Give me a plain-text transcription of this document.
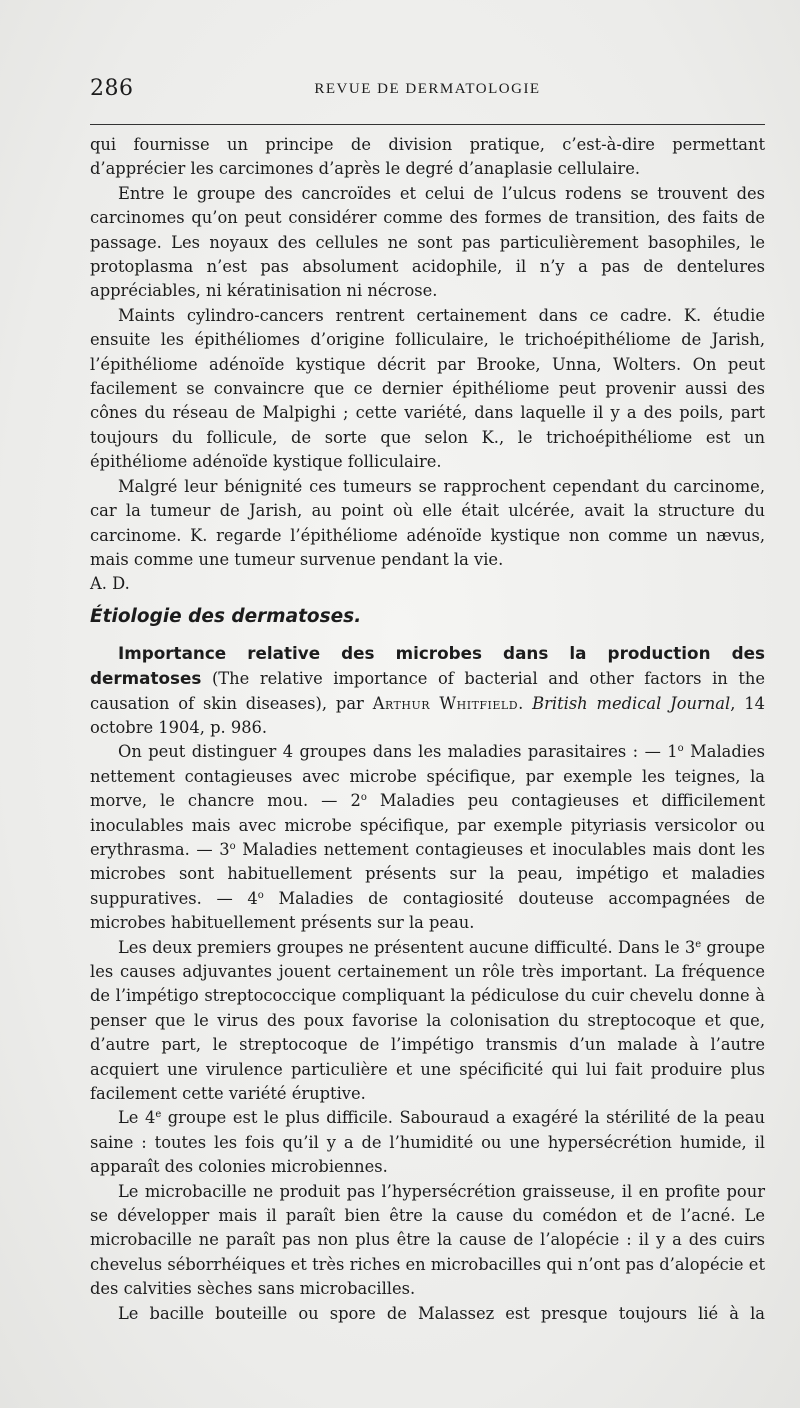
286	REVUE DE DERMATOLOGIE

qui fournisse un principe de division pratique, c’est-à-dire permettant d’apprécier les carcimones d’après le degré d’anaplasie cellulaire.

Entre le groupe des cancroïdes et celui de l’ulcus rodens se trouvent des carcinomes qu’on peut considérer comme des formes de transition, des faits de passage. Les noyaux des cellules ne sont pas particulièrement basophiles, le protoplasma n’est pas absolument acidophile, il n’y a pas de dentelures appréciables, ni kératinisation ni nécrose.

Maints cylindro-cancers rentrent certainement dans ce cadre. K. étudie ensuite les épithéliomes d’origine folliculaire, le trichoépithéliome de Jarish, l’épithéliome adénoïde kystique décrit par Brooke, Unna, Wolters. On peut facilement se convaincre que ce dernier épithéliome peut provenir aussi des cônes du réseau de Malpighi ; cette variété, dans laquelle il y a des poils, part toujours du follicule, de sorte que selon K., le trichoépithéliome est un épithéliome adénoïde kystique folliculaire.

Malgré leur bénignité ces tumeurs se rapprochent cependant du carcinome, car la tumeur de Jarish, au point où elle était ulcérée, avait la structure du carcinome. K. regarde l’épithéliome adénoïde kystique non comme un nævus, mais comme une tumeur survenue pendant la vie.

A. D.

Étiologie des dermatoses.

Importance relative des microbes dans la production des dermatoses (The relative importance of bacterial and other factors in the causation of skin diseases), par Arthur Whitfield. British medical Journal, 14 octobre 1904, p. 986.

On peut distinguer 4 groupes dans les maladies parasitaires : — 1$^o$ Maladies nettement contagieuses avec microbe spécifique, par exemple les teignes, la morve, le chancre mou. — 2$^o$ Maladies peu contagieuses et difficilement inoculables mais avec microbe spécifique, par exemple pityriasis versicolor ou erythrasma. — 3$^o$ Maladies nettement contagieuses et inoculables mais dont les microbes sont habituellement présents sur la peau, impétigo et maladies suppuratives. — 4$^o$ Maladies de contagiosité douteuse accompagnées de microbes habituellement présents sur la peau.

Les deux premiers groupes ne présentent aucune difficulté. Dans le 3e groupe les causes adjuvantes jouent certainement un rôle très important. La fréquence de l’impétigo streptococcique compliquant la pédiculose du cuir chevelu donne à penser que le virus des poux favorise la colonisation du streptocoque et que, d’autre part, le streptocoque de l’impétigo transmis d’un malade à l’autre acquiert une virulence particulière et une spécificité qui lui fait produire plus facilement cette variété éruptive.

Le 4e groupe est le plus difficile. Sabouraud a exagéré la stérilité de la peau saine : toutes les fois qu’il y a de l’humidité ou une hypersécrétion humide, il apparaît des colonies microbiennes.

Le microbacille ne produit pas l’hypersécrétion graisseuse, il en profite pour se développer mais il paraît bien être la cause du comédon et de l’acné. Le microbacille ne paraît pas non plus être la cause de l’alopécie : il y a des cuirs chevelus séborrhéiques et très riches en microbacilles qui n’ont pas d’alopécie et des calvities sèches sans microbacilles.

Le bacille bouteille ou spore de Malassez est presque toujours lié à la
